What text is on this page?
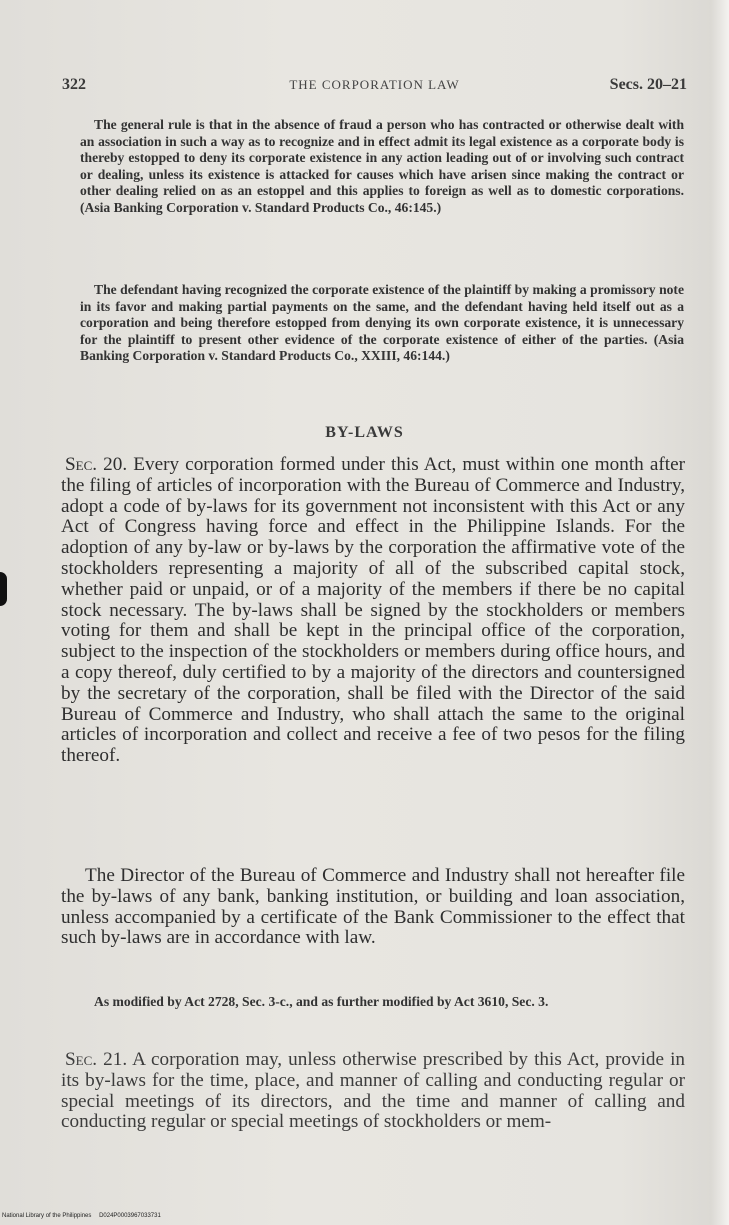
322	THE CORPORATION LAW	Secs. 20–21

The general rule is that in the absence of fraud a person who has contracted or otherwise dealt with an association in such a way as to recognize and in effect admit its legal existence as a corporate body is thereby estopped to deny its corporate existence in any action leading out of or involving such contract or dealing, unless its existence is attacked for causes which have arisen since making the contract or other dealing relied on as an estoppel and this applies to foreign as well as to domestic corporations. (Asia Banking Corporation v. Standard Products Co., 46:145.)

The defendant having recognized the corporate existence of the plaintiff by making a promissory note in its favor and making partial payments on the same, and the defendant having held itself out as a corporation and being therefore estopped from denying its own corporate existence, it is unnecessary for the plaintiff to present other evidence of the corporate existence of either of the parties. (Asia Banking Corporation v. Standard Products Co., XXIII, 46:144.)

BY-LAWS

Sec. 20. Every corporation formed under this Act, must within one month after the filing of articles of incorporation with the Bureau of Commerce and Industry, adopt a code of by-laws for its government not inconsistent with this Act or any Act of Congress having force and effect in the Philippine Islands. For the adoption of any by-law or by-laws by the corporation the affirmative vote of the stockholders representing a majority of all of the subscribed capital stock, whether paid or unpaid, or of a majority of the members if there be no capital stock necessary. The by-laws shall be signed by the stockholders or members voting for them and shall be kept in the principal office of the corporation, subject to the inspection of the stockholders or members during office hours, and a copy thereof, duly certified to by a majority of the directors and countersigned by the secretary of the corporation, shall be filed with the Director of the said Bureau of Commerce and Industry, who shall attach the same to the original articles of incorporation and collect and receive a fee of two pesos for the filing thereof.

The Director of the Bureau of Commerce and Industry shall not hereafter file the by-laws of any bank, banking institution, or building and loan association, unless accompanied by a certificate of the Bank Commissioner to the effect that such by-laws are in accordance with law.

As modified by Act 2728, Sec. 3-c., and as further modified by Act 3610, Sec. 3.

Sec. 21. A corporation may, unless otherwise prescribed by this Act, provide in its by-laws for the time, place, and manner of calling and conducting regular or special meetings of its directors, and the time and manner of calling and conducting regular or special meetings of stockholders or mem-

National Library of the Philippines D024P0003967033731
